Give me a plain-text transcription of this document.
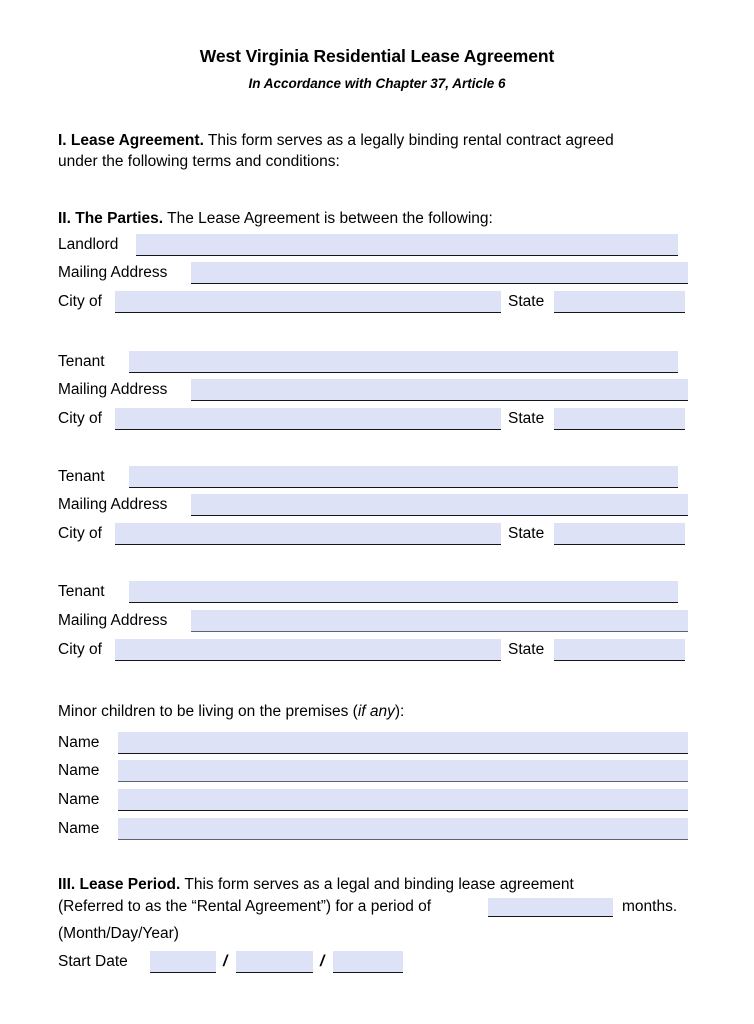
West Virginia Residential Lease Agreement
In Accordance with Chapter 37, Article 6
I. Lease Agreement. This form serves as a legally binding rental contract agreed
under the following terms and conditions:
II. The Parties. The Lease Agreement is between the following:
Landlord
Mailing Address
City of	State
Tenant
Mailing Address
City of	State
Tenant
Mailing Address
City of	State
Tenant
Mailing Address
City of	State
Minor children to be living on the premises (if any):
Name
Name
Name
Name
III. Lease Period. This form serves as a legal and binding lease agreement
(Referred to as the “Rental Agreement”) for a period of	months.
(Month/Day/Year)
Start Date	/	/
